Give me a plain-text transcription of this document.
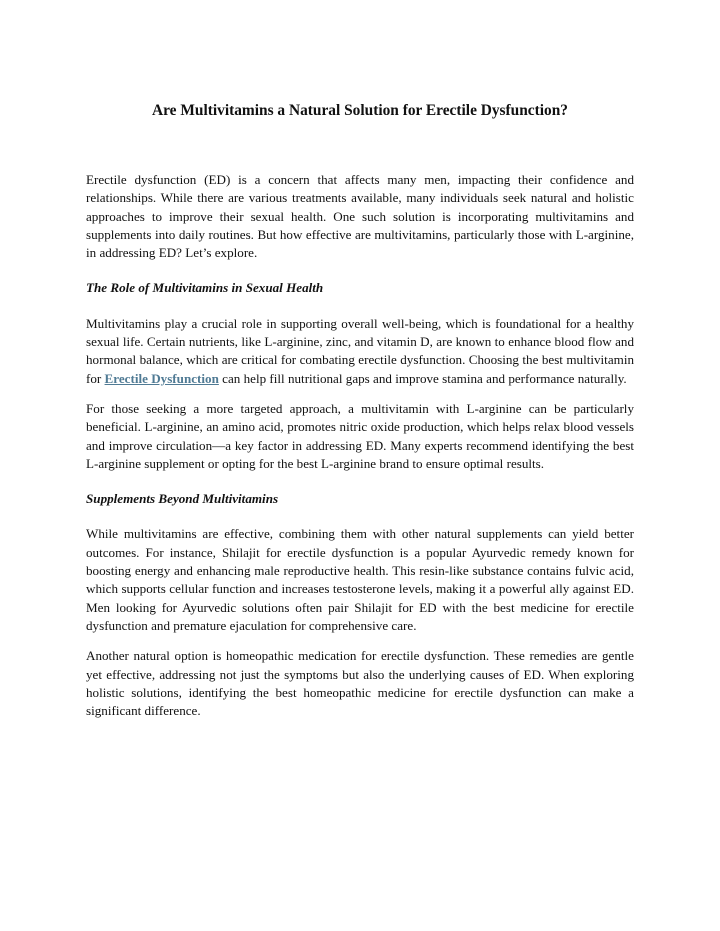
Are Multivitamins a Natural Solution for Erectile Dysfunction?

Erectile dysfunction (ED) is a concern that affects many men, impacting their confidence and relationships. While there are various treatments available, many individuals seek natural and holistic approaches to improve their sexual health. One such solution is incorporating multivitamins and supplements into daily routines. But how effective are multivitamins, particularly those with L-arginine, in addressing ED? Let’s explore.

The Role of Multivitamins in Sexual Health

Multivitamins play a crucial role in supporting overall well-being, which is foundational for a healthy sexual life. Certain nutrients, like L-arginine, zinc, and vitamin D, are known to enhance blood flow and hormonal balance, which are critical for combating erectile dysfunction. Choosing the best multivitamin for Erectile Dysfunction can help fill nutritional gaps and improve stamina and performance naturally.

For those seeking a more targeted approach, a multivitamin with L-arginine can be particularly beneficial. L-arginine, an amino acid, promotes nitric oxide production, which helps relax blood vessels and improve circulation—a key factor in addressing ED. Many experts recommend identifying the best L-arginine supplement or opting for the best L-arginine brand to ensure optimal results.

Supplements Beyond Multivitamins

While multivitamins are effective, combining them with other natural supplements can yield better outcomes. For instance, Shilajit for erectile dysfunction is a popular Ayurvedic remedy known for boosting energy and enhancing male reproductive health. This resin-like substance contains fulvic acid, which supports cellular function and increases testosterone levels, making it a powerful ally against ED. Men looking for Ayurvedic solutions often pair Shilajit for ED with the best medicine for erectile dysfunction and premature ejaculation for comprehensive care.

Another natural option is homeopathic medication for erectile dysfunction. These remedies are gentle yet effective, addressing not just the symptoms but also the underlying causes of ED. When exploring holistic solutions, identifying the best homeopathic medicine for erectile dysfunction can make a significant difference.
